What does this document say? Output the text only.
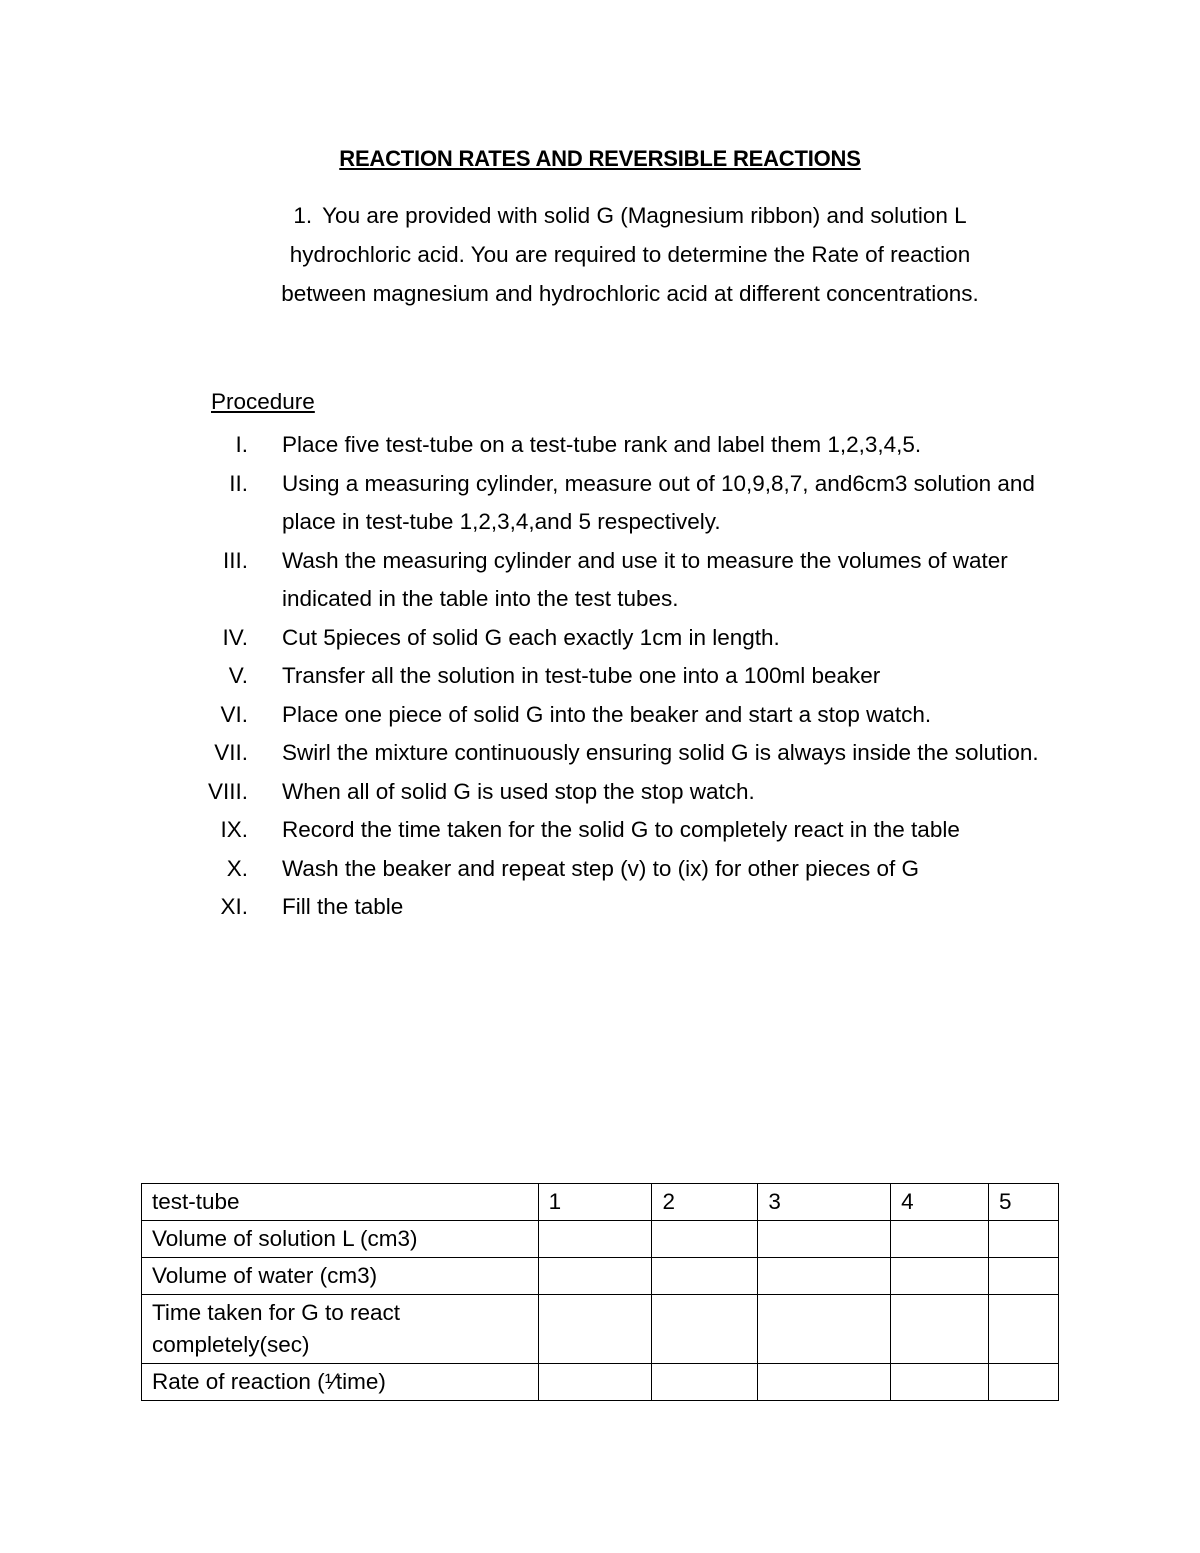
REACTION RATES AND REVERSIBLE REACTIONS
1. You are provided with solid G (Magnesium ribbon) and solution L
hydrochloric acid. You are required to determine the Rate of reaction
between magnesium and hydrochloric acid at different concentrations.
Procedure
I. Place five test-tube on a test-tube rank and label them 1,2,3,4,5.
II. Using a measuring cylinder, measure out of 10,9,8,7, and6cm3 solution and place in test-tube 1,2,3,4,and 5 respectively.
III. Wash the measuring cylinder and use it to measure the volumes of water indicated in the table into the test tubes.
IV. Cut 5pieces of solid G each exactly 1cm in length.
V. Transfer all the solution in test-tube one into a 100ml beaker
VI. Place one piece of solid G into the beaker and start a stop watch.
VII. Swirl the mixture continuously ensuring solid G is always inside the solution.
VIII. When all of solid G is used stop the stop watch.
IX. Record the time taken for the solid G to completely react in the table
X. Wash the beaker and repeat step (v) to (ix) for other pieces of G
XI. Fill the table
test-tube	1	2	3	4	5
Volume of solution L (cm3)					
Volume of water (cm3)					
Time taken for G to react completely(sec)					
Rate of reaction (¹⁄time)					
